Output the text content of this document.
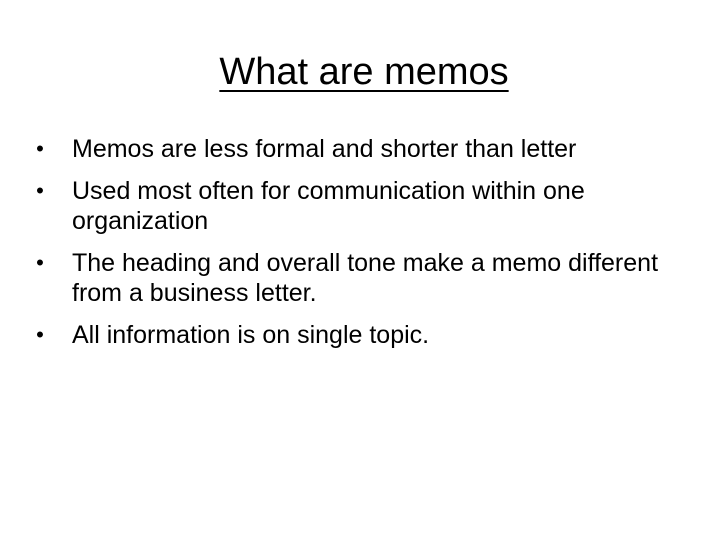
What are memos
• Memos are less formal and shorter than letter
• Used most often for communication within one organization
• The heading and overall tone make a memo different from a business letter.
• All information is on single topic.
